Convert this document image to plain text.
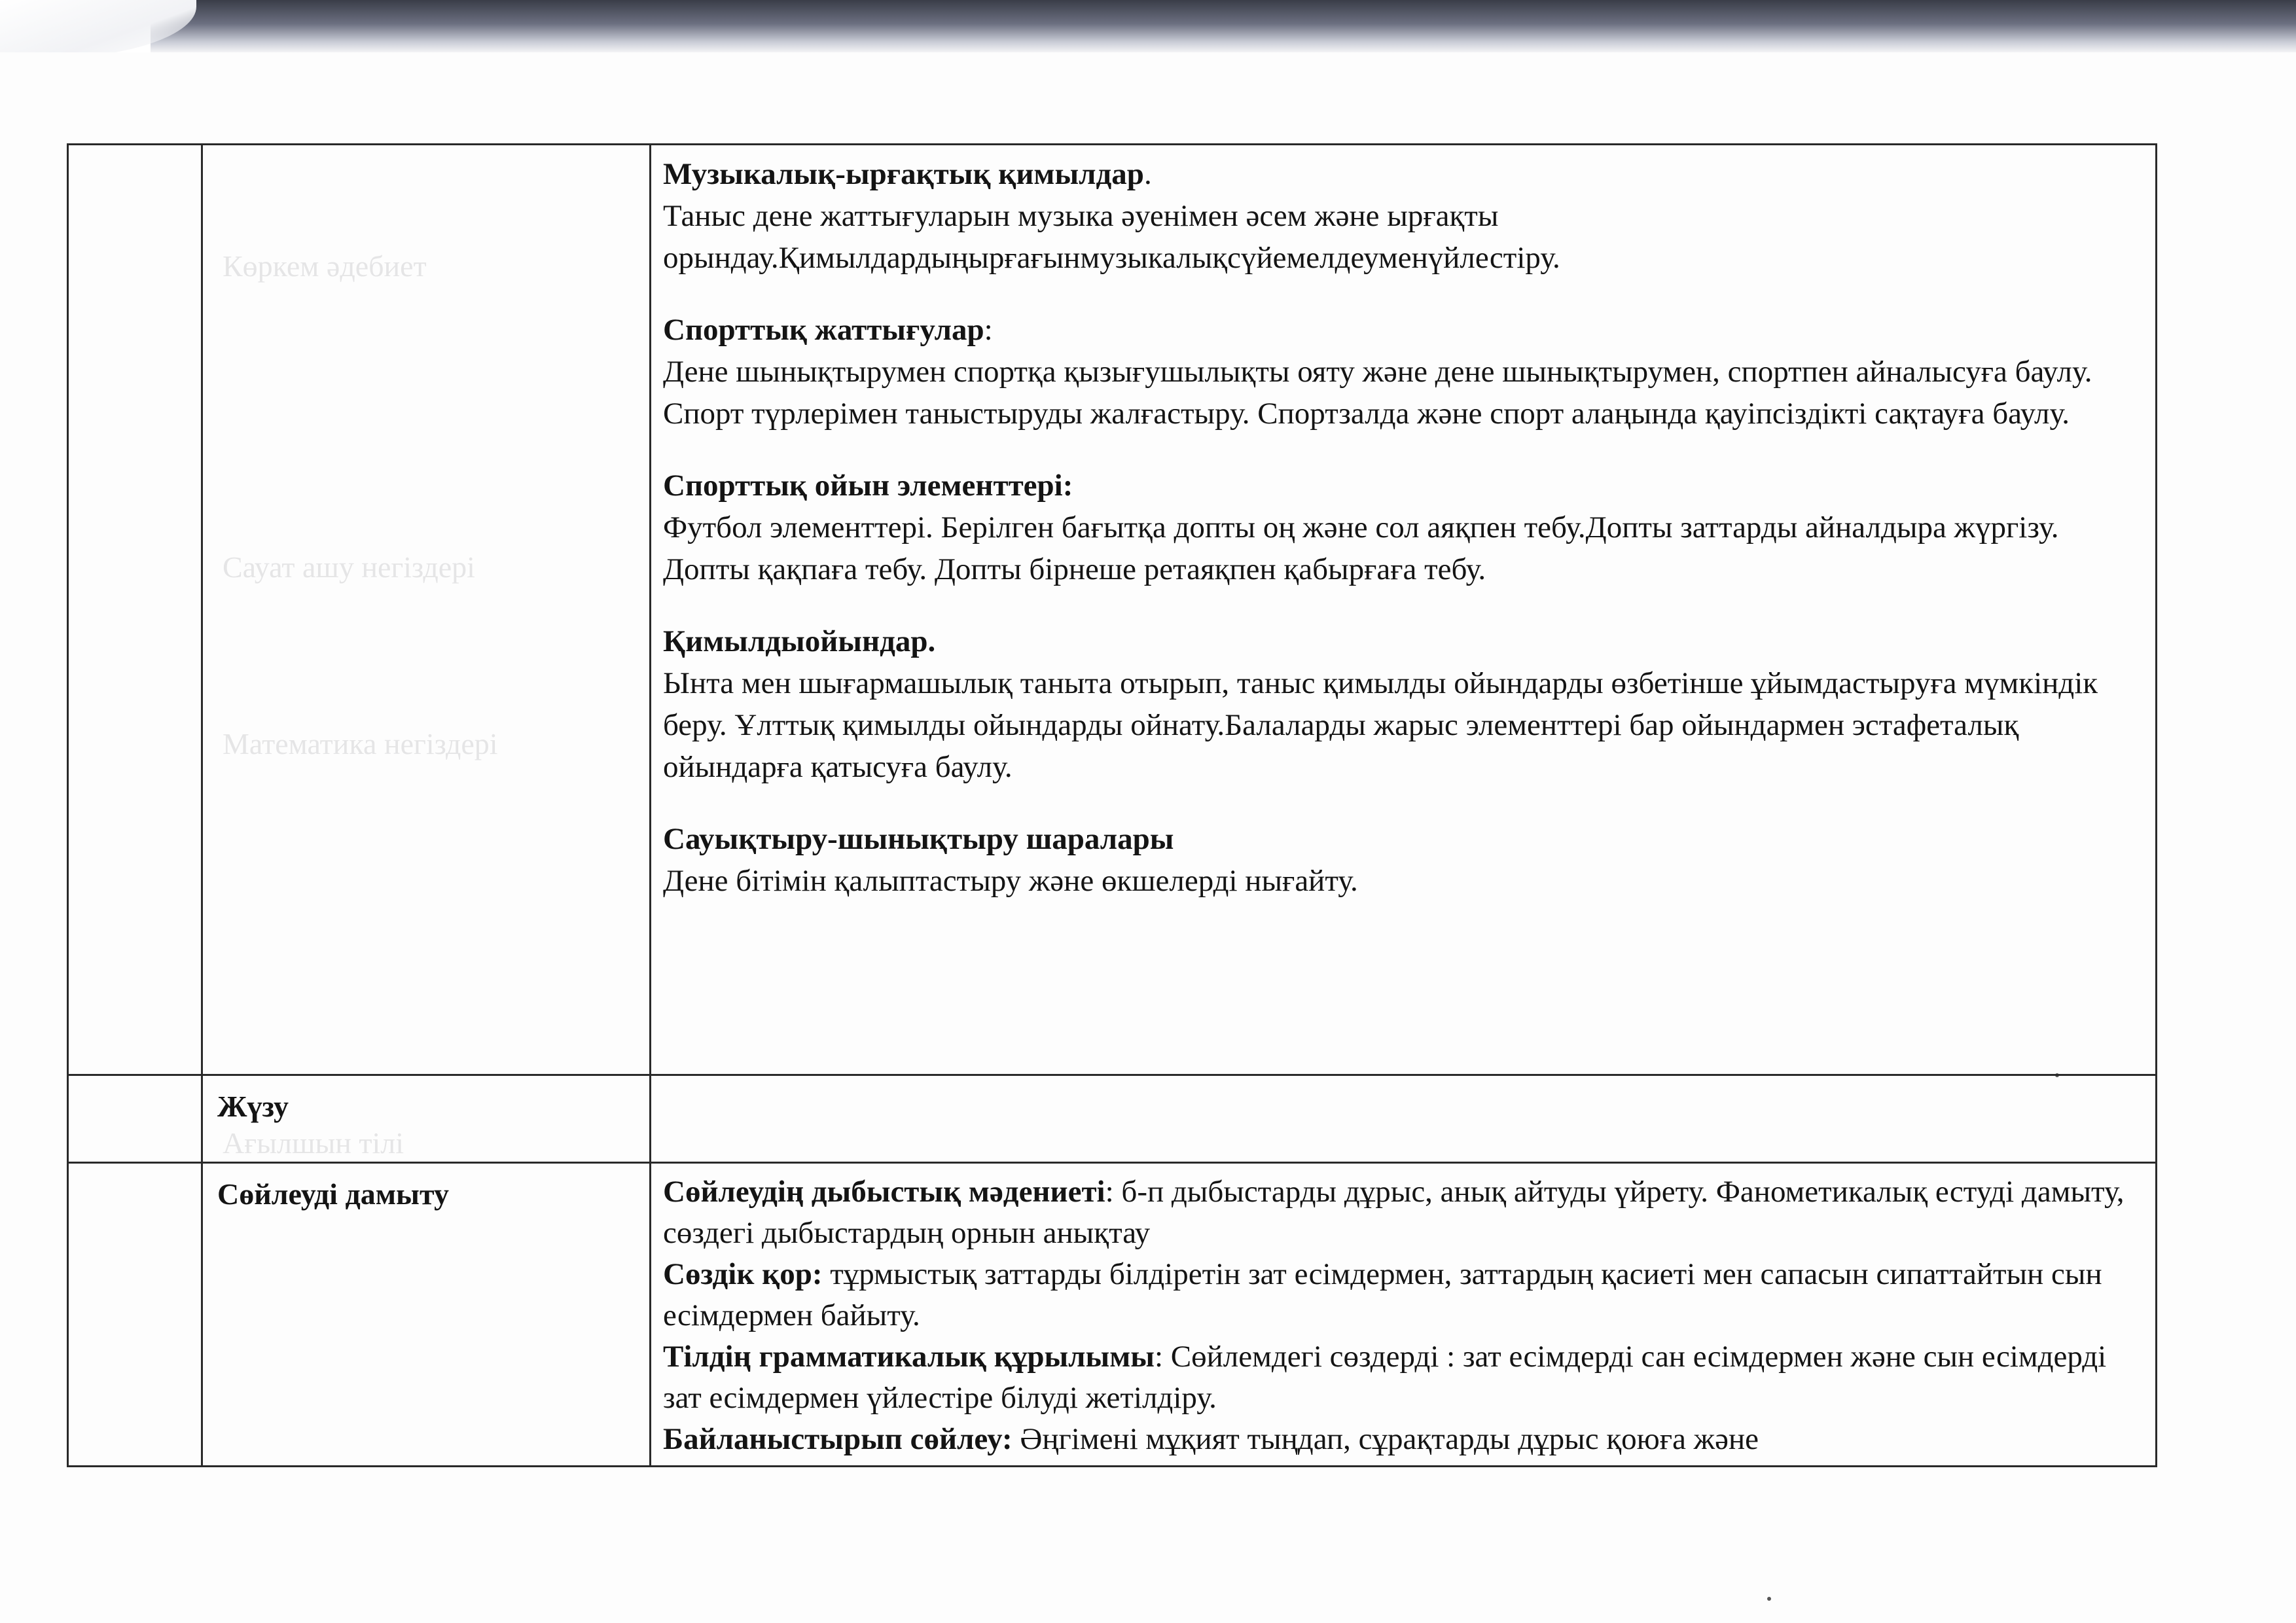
Көркем әдебиет
Сауат ашу негіздері
Математика негіздері
Ағылшын тілі
Музыкалық-ырғақтық қимылдар.
Таныс дене жаттығуларын музыка әуенімен әсем және ырғақты орындау.Қимылдардыңырғағынмузыкалықсүйемелдеуменүйлестіру.
Спорттық жаттығулар:
Дене шынықтырумен спортқа қызығушылықты ояту және дене шынықтырумен, спортпен айналысуға баулу. Спорт түрлерімен таныстыруды жалғастыру. Спортзалда және спорт алаңында қауіпсіздікті сақтауға баулу.
Спорттық ойын элементтері:
Футбол элементтері. Берілген бағытқа допты оң және сол аяқпен тебу.Допты заттарды айналдыра жүргізу. Допты қақпаға тебу. Допты бірнеше ретаяқпен қабырғаға тебу.
Қимылдыойындар.
Ынта мен шығармашылық таныта отырып, таныс қимылды ойындарды өзбетінше ұйымдастыруға мүмкіндік беру. Ұлттық қимылды ойындарды ойнату.Балаларды жарыс элементтері бар ойындармен эстафеталық ойындарға қатысуға баулу.
Сауықтыру-шынықтыру шаралары
Дене бітімін қалыптастыру және өкшелерді нығайту.
Жүзу
Сөйлеуді дамыту	Сөйлеудің дыбыстық мәдениеті: б-п дыбыстарды дұрыс, анық айтуды үйрету. Фанометикалық естуді дамыту, сөздегі дыбыстардың орнын анықтау
Сөздік қор: тұрмыстық заттарды білдіретін зат есімдермен, заттардың қасиеті мен сапасын сипаттайтын сын есімдермен байыту.
Тілдің грамматикалық құрылымы: Сөйлемдегі сөздерді : зат есімдерді сан есімдермен және сын есімдерді зат есімдермен үйлестіре білуді жетілдіру.
Байланыстырып сөйлеу: Әңгімені мұқият тыңдап, сұрақтарды дұрыс қоюға және
